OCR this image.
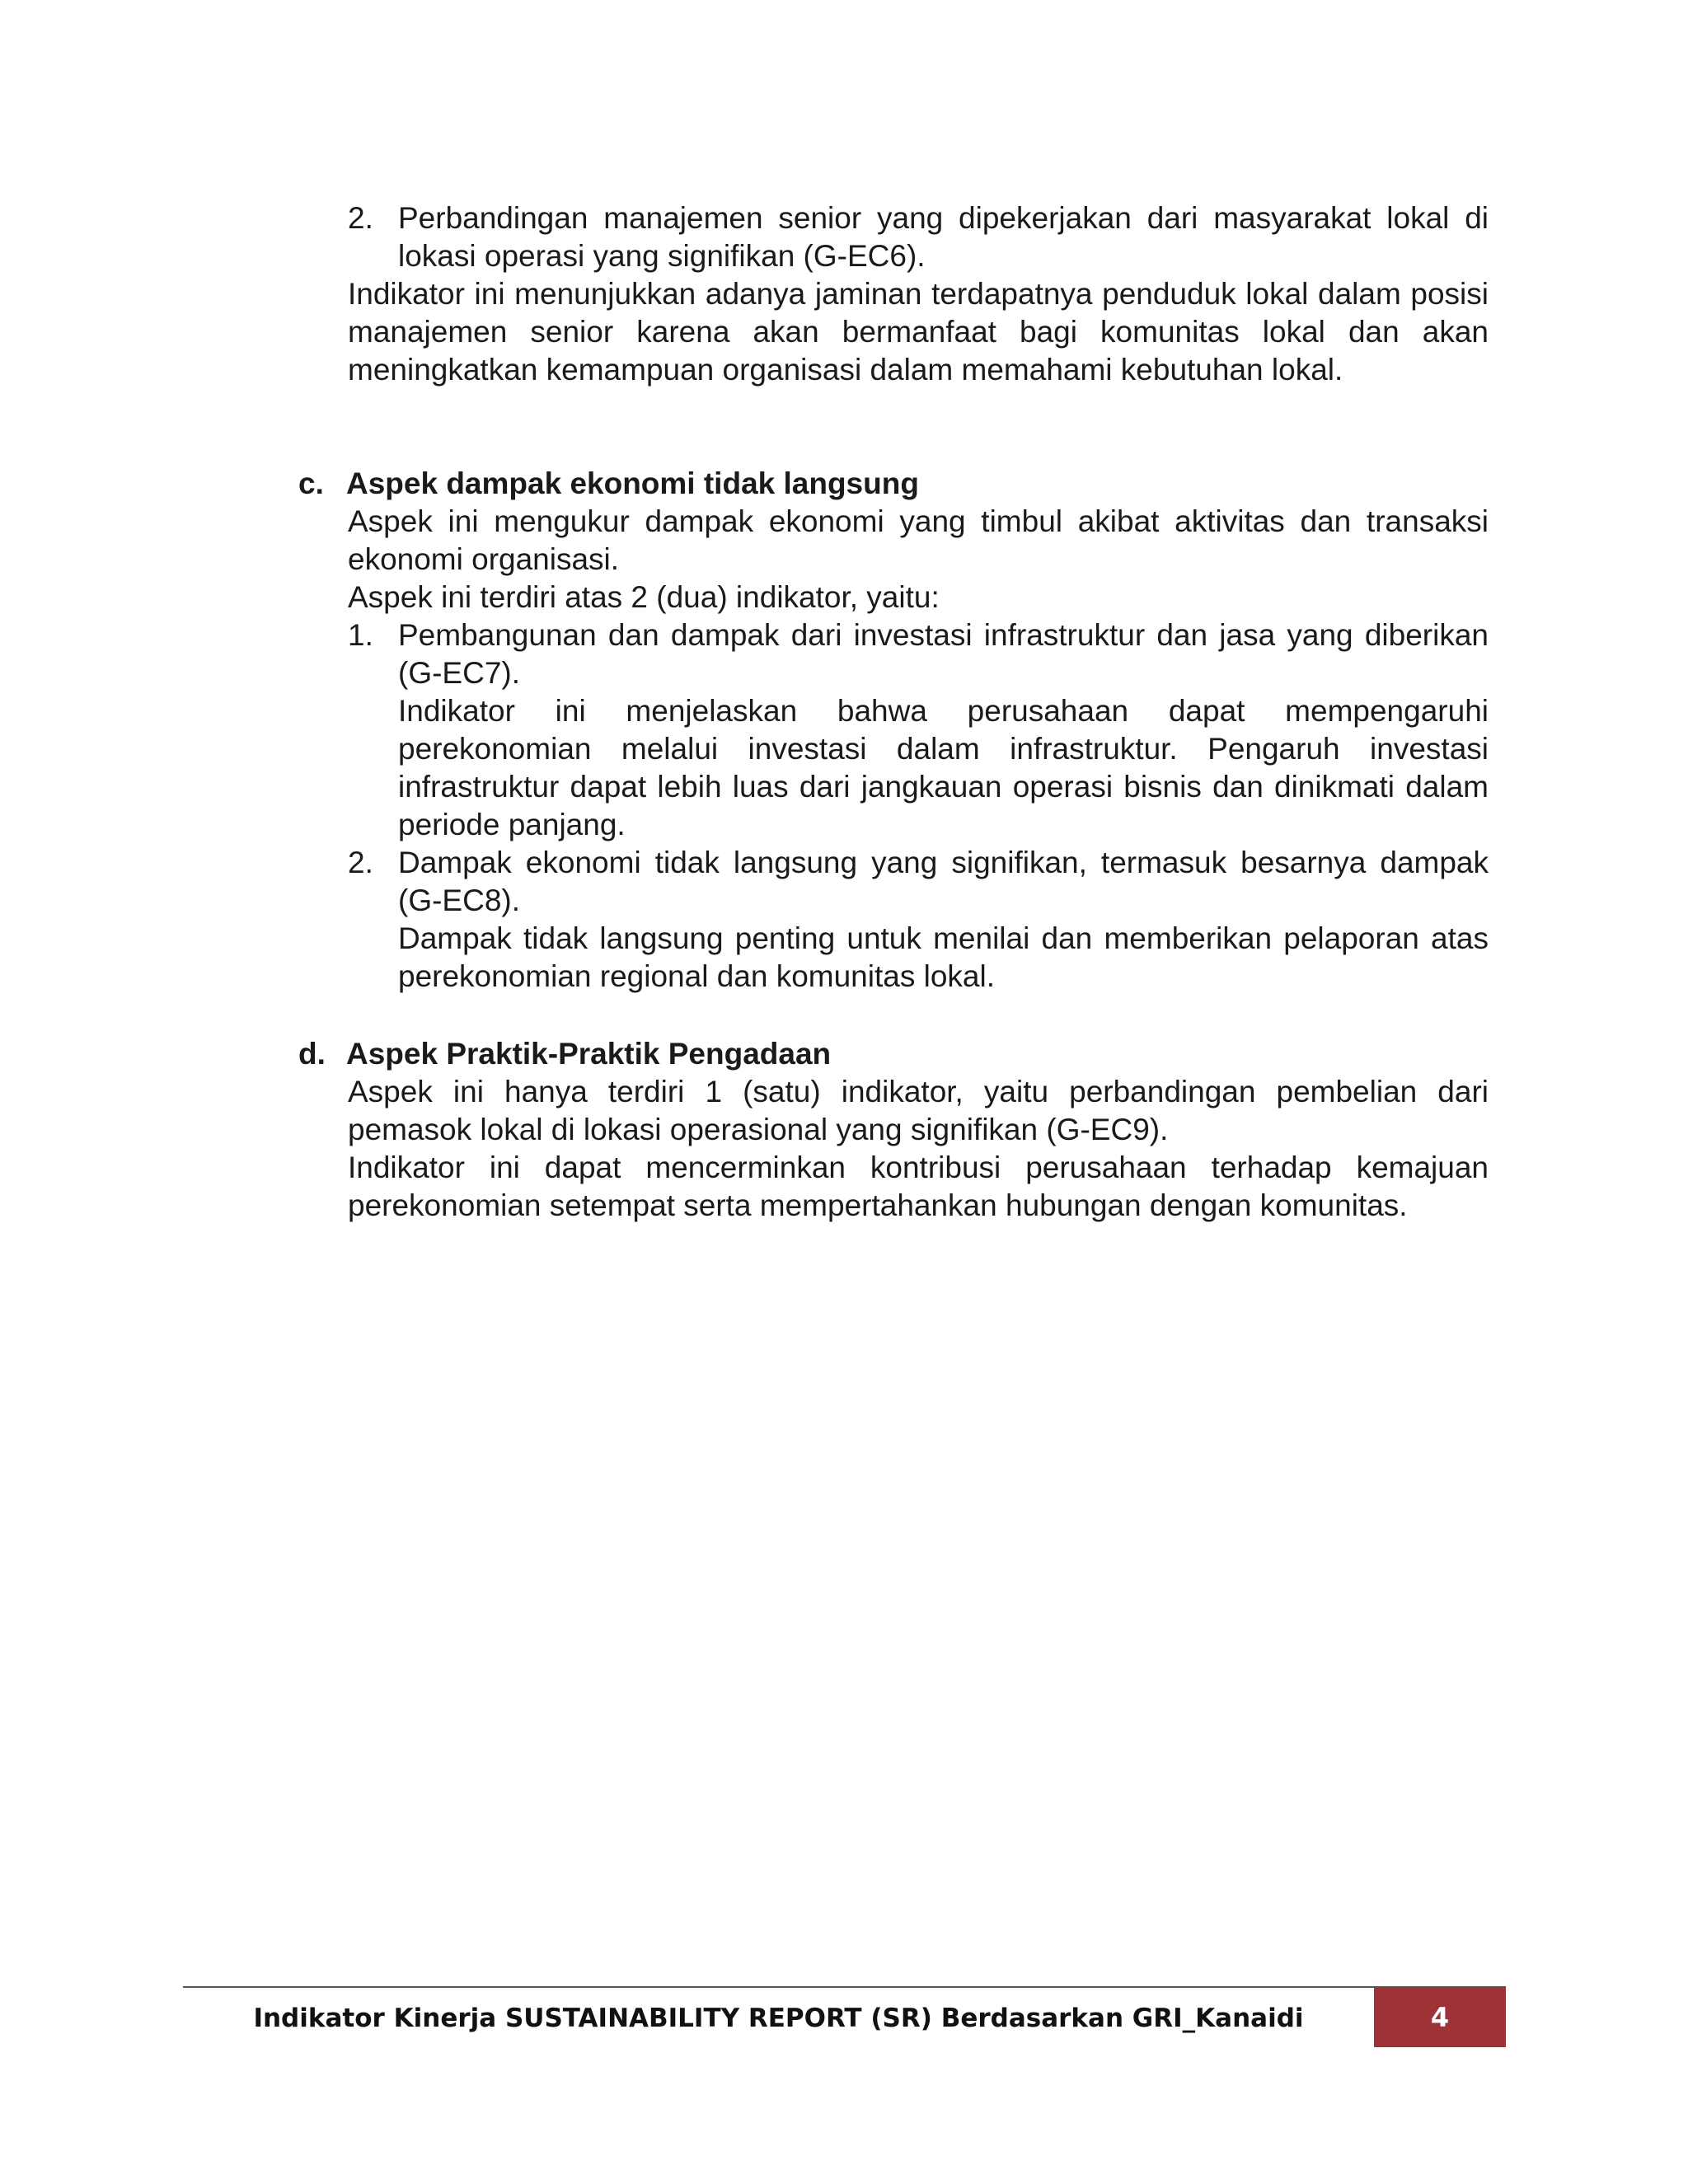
2. Perbandingan manajemen senior yang dipekerjakan dari masyarakat lokal di lokasi operasi yang signifikan (G-EC6).

Indikator ini menunjukkan adanya jaminan terdapatnya penduduk lokal dalam posisi manajemen senior karena akan bermanfaat bagi komunitas lokal dan akan meningkatkan kemampuan organisasi dalam memahami kebutuhan lokal.

c. Aspek dampak ekonomi tidak langsung

Aspek ini mengukur dampak ekonomi yang timbul akibat aktivitas dan transaksi ekonomi organisasi.

Aspek ini terdiri atas 2 (dua) indikator, yaitu:

1. Pembangunan dan dampak dari investasi infrastruktur dan jasa yang diberikan (G-EC7).
Indikator ini menjelaskan bahwa perusahaan dapat mempengaruhi perekonomian melalui investasi dalam infrastruktur. Pengaruh investasi infrastruktur dapat lebih luas dari jangkauan operasi bisnis dan dinikmati dalam periode panjang.
2. Dampak ekonomi tidak langsung yang signifikan, termasuk besarnya dampak (G-EC8).
Dampak tidak langsung penting untuk menilai dan memberikan pelaporan atas perekonomian regional dan komunitas lokal.
d. Aspek Praktik-Praktik Pengadaan

Aspek ini hanya terdiri 1 (satu) indikator, yaitu perbandingan pembelian dari pemasok lokal di lokasi operasional yang signifikan (G-EC9).

Indikator ini dapat mencerminkan kontribusi perusahaan terhadap kemajuan perekonomian setempat serta mempertahankan hubungan dengan komunitas.

Indikator Kinerja SUSTAINABILITY REPORT (SR) Berdasarkan GRI_Kanaidi	4
